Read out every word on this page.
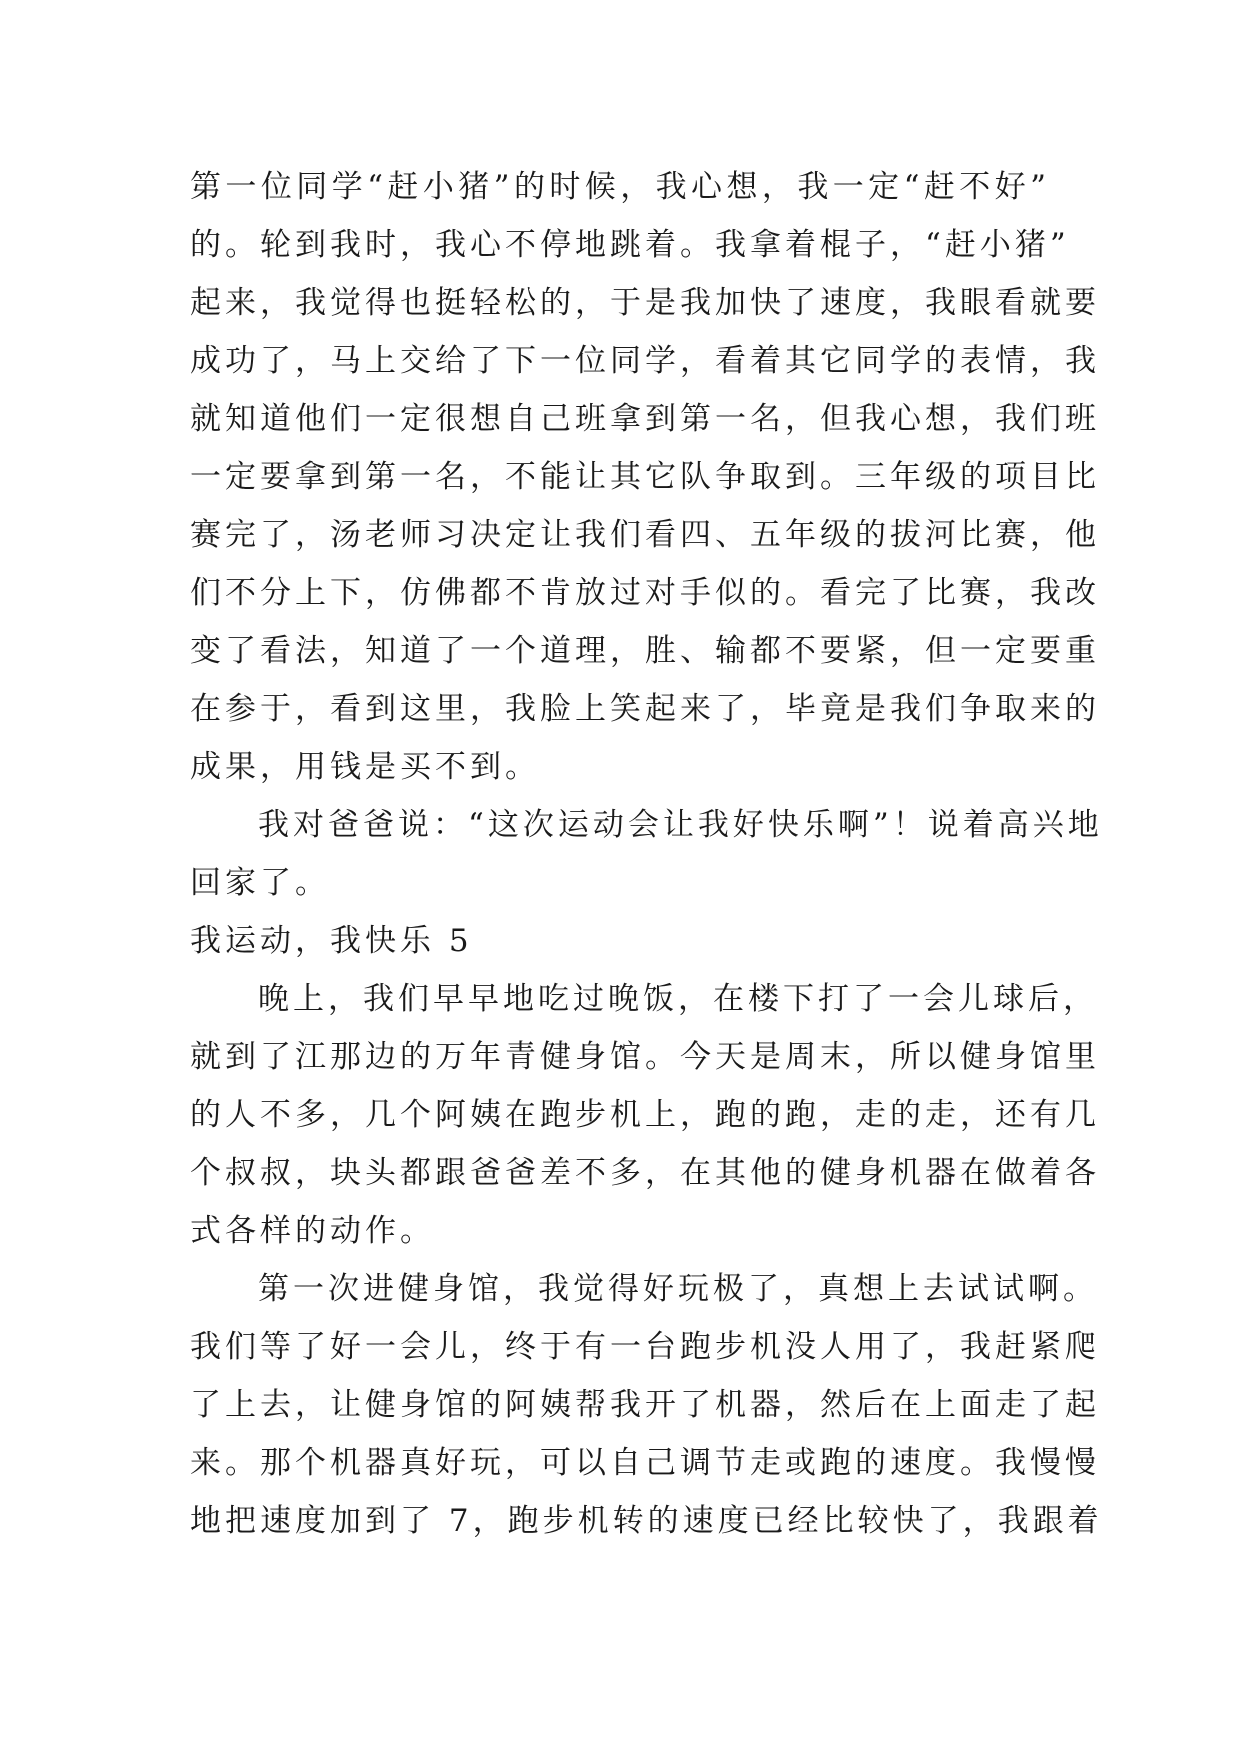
第一位同学“赶小猪”的时候，我心想，我一定“赶不好”
的。轮到我时，我心不停地跳着。我拿着棍子，“赶小猪”
起来，我觉得也挺轻松的，于是我加快了速度，我眼看就要
成功了，马上交给了下一位同学，看着其它同学的表情，我
就知道他们一定很想自己班拿到第一名，但我心想，我们班
一定要拿到第一名，不能让其它队争取到。三年级的项目比
赛完了，汤老师习决定让我们看四、五年级的拔河比赛，他
们不分上下，仿佛都不肯放过对手似的。看完了比赛，我改
变了看法，知道了一个道理，胜、输都不要紧，但一定要重
在参于，看到这里，我脸上笑起来了，毕竟是我们争取来的
成果，用钱是买不到。
我对爸爸说：“这次运动会让我好快乐啊”！说着高兴地
回家了。
我运动，我快乐 5
晚上，我们早早地吃过晚饭，在楼下打了一会儿球后，
就到了江那边的万年青健身馆。今天是周末，所以健身馆里
的人不多，几个阿姨在跑步机上，跑的跑，走的走，还有几
个叔叔，块头都跟爸爸差不多，在其他的健身机器在做着各
式各样的动作。
第一次进健身馆，我觉得好玩极了，真想上去试试啊。
我们等了好一会儿，终于有一台跑步机没人用了，我赶紧爬
了上去，让健身馆的阿姨帮我开了机器，然后在上面走了起
来。那个机器真好玩，可以自己调节走或跑的速度。我慢慢
地把速度加到了 7，跑步机转的速度已经比较快了，我跟着
